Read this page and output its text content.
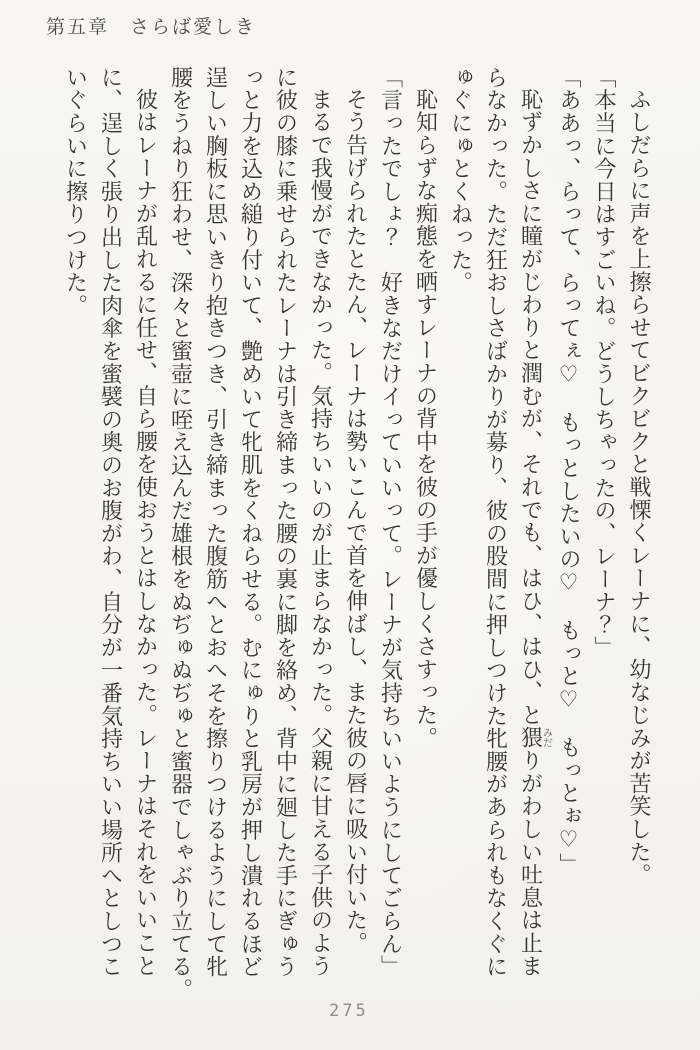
第五章　さらば愛しき
ふしだらに声を上擦らせてビクビクと戦慄くレーナに、幼なじみが苦笑した。
「本当に今日はすごいね。どうしちゃったの、レーナ？」
「ああっ、らって、らってぇ♡　もっとしたいの♡　もっと♡　もっとぉ♡」
恥ずかしさに瞳がじわりと潤むが、それでも、はひ、はひ、と猥みだりがわしい吐息は止ま
らなかった。ただ狂おしさばかりが募り、彼の股間に押しつけた牝腰があられもなくぐに
ゅぐにゅとくねった。
恥知らずな痴態を晒すレーナの背中を彼の手が優しくさすった。
「言ったでしょ？　好きなだけイっていいって。レーナが気持ちいいようにしてごらん」
そう告げられたとたん、レーナは勢いこんで首を伸ばし、また彼の唇に吸い付いた。
まるで我慢ができなかった。気持ちいいのが止まらなかった。父親に甘える子供のよう
に彼の膝に乗せられたレーナは引き締まった腰の裏に脚を絡め、背中に廻した手にぎゅう
っと力を込め縋り付いて、艶めいて牝肌をくねらせる。むにゅりと乳房が押し潰れるほど
逞しい胸板に思いきり抱きつき、引き締まった腹筋へとおへそを擦りつけるようにして牝
腰をうねり狂わせ、深々と蜜壺に咥え込んだ雄根をぬぢゅぬぢゅと蜜器でしゃぶり立てる。
彼はレーナが乱れるに任せ、自ら腰を使おうとはしなかった。レーナはそれをいいこと
に、逞しく張り出した肉傘を蜜襞の奥のお腹がわ、自分が一番気持ちいい場所へとしつこ
いぐらいに擦りつけた。
275
